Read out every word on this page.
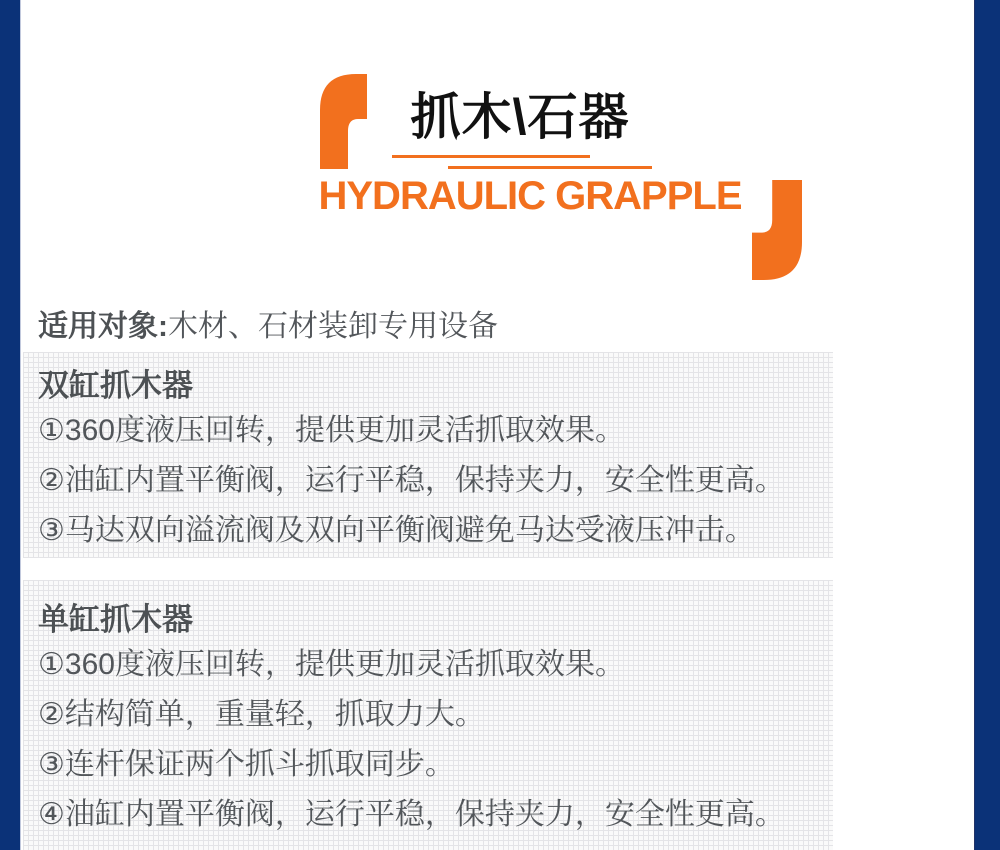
抓木\石器
HYDRAULIC GRAPPLE

适用对象:木材、石材装卸专用设备

双缸抓木器

①360度液压回转，提供更加灵活抓取效果。

②油缸内置平衡阀，运行平稳，保持夹力，安全性更高。

③马达双向溢流阀及双向平衡阀避免马达受液压冲击。

单缸抓木器

①360度液压回转，提供更加灵活抓取效果。

②结构简单，重量轻，抓取力大。

③连杆保证两个抓斗抓取同步。

④油缸内置平衡阀，运行平稳，保持夹力，安全性更高。
